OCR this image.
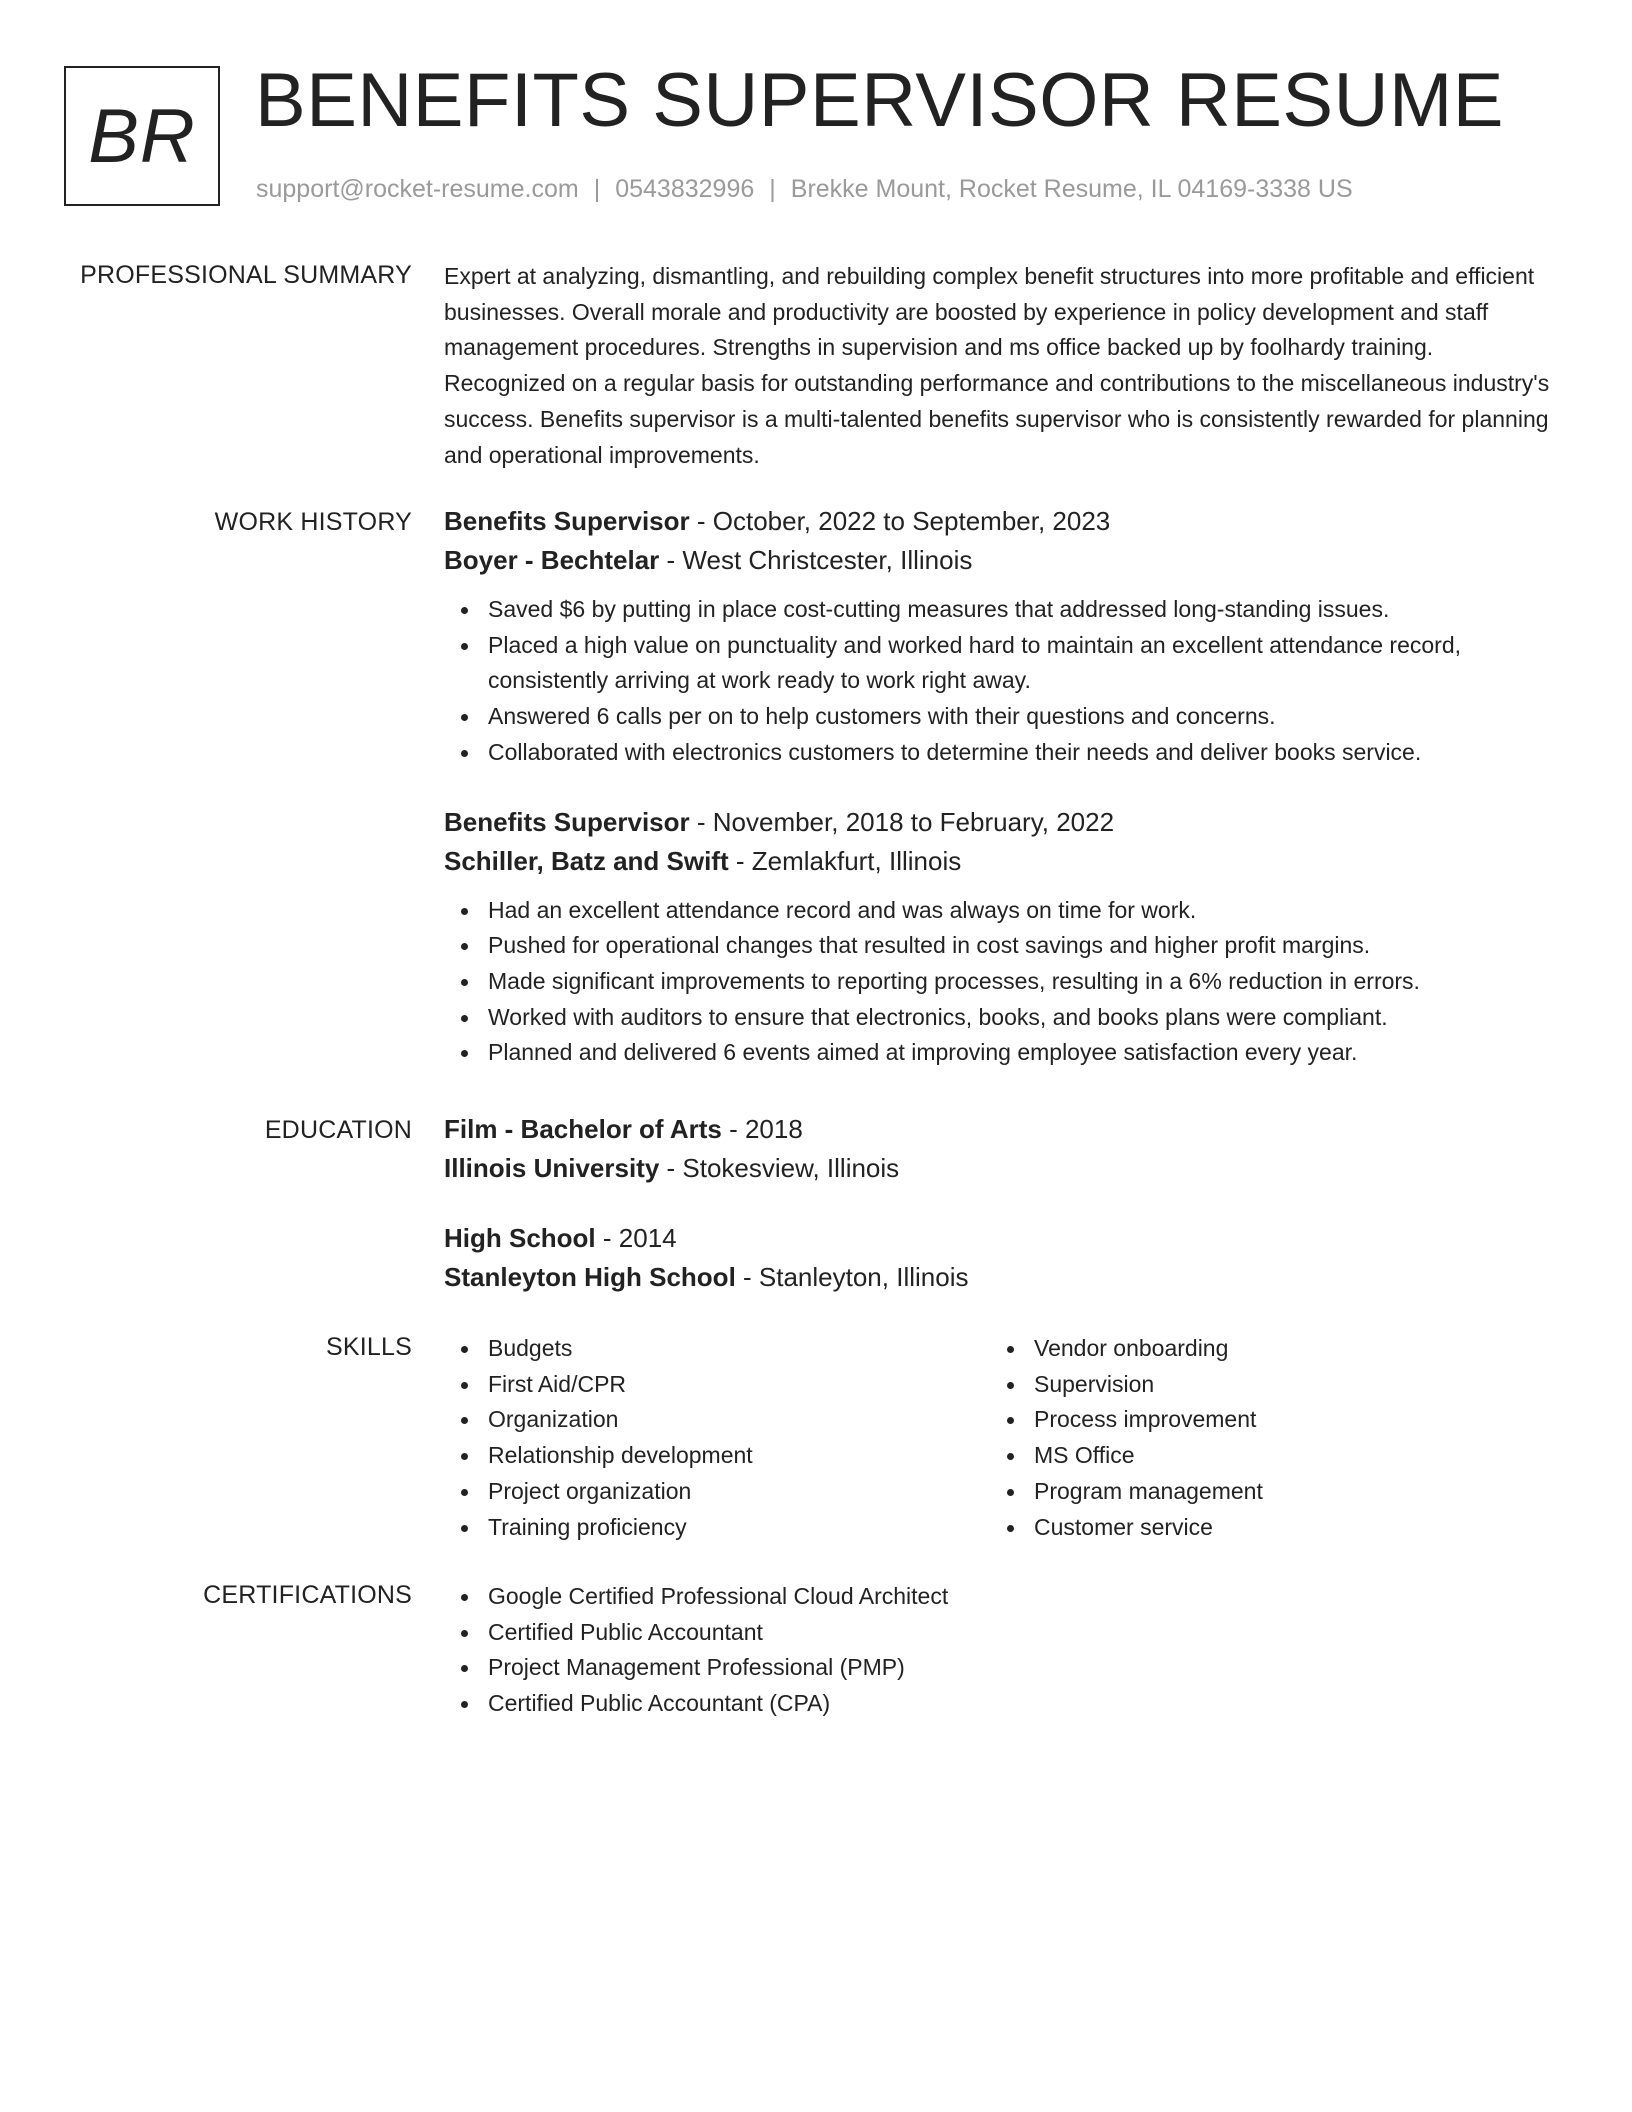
BR BENEFITS SUPERVISOR RESUME
support@rocket-resume.com | 0543832996 | Brekke Mount, Rocket Resume, IL 04169-3338 US
PROFESSIONAL SUMMARY Expert at analyzing, dismantling, and rebuilding complex benefit structures into more profitable and efficient businesses. Overall morale and productivity are boosted by experience in policy development and staff management procedures. Strengths in supervision and ms office backed up by foolhardy training. Recognized on a regular basis for outstanding performance and contributions to the miscellaneous industry's success. Benefits supervisor is a multi-talented benefits supervisor who is consistently rewarded for planning and operational improvements.

WORK HISTORY Benefits Supervisor - October, 2022 to September, 2023

Boyer - Bechtelar - West Christcester, Illinois

Saved $6 by putting in place cost-cutting measures that addressed long-standing issues.
Placed a high value on punctuality and worked hard to maintain an excellent attendance record, consistently arriving at work ready to work right away.
Answered 6 calls per on to help customers with their questions and concerns.
Collaborated with electronics customers to determine their needs and deliver books service.

Benefits Supervisor - November, 2018 to February, 2022

Schiller, Batz and Swift - Zemlakfurt, Illinois

Had an excellent attendance record and was always on time for work.
Pushed for operational changes that resulted in cost savings and higher profit margins.
Made significant improvements to reporting processes, resulting in a 6% reduction in errors.
Worked with auditors to ensure that electronics, books, and books plans were compliant.
Planned and delivered 6 events aimed at improving employee satisfaction every year.
EDUCATION Film - Bachelor of Arts - 2018

Illinois University - Stokesview, Illinois

High School - 2014

Stanleyton High School - Stanleyton, Illinois

SKILLS	Budgets
First Aid/CPR
Organization
Relationship development
Project organization
Training proficiency
Vendor onboarding
Supervision
Process improvement
MS Office
Program management
Customer service
CERTIFICATIONS	Google Certified Professional Cloud Architect
Certified Public Accountant
Project Management Professional (PMP)
Certified Public Accountant (CPA)
